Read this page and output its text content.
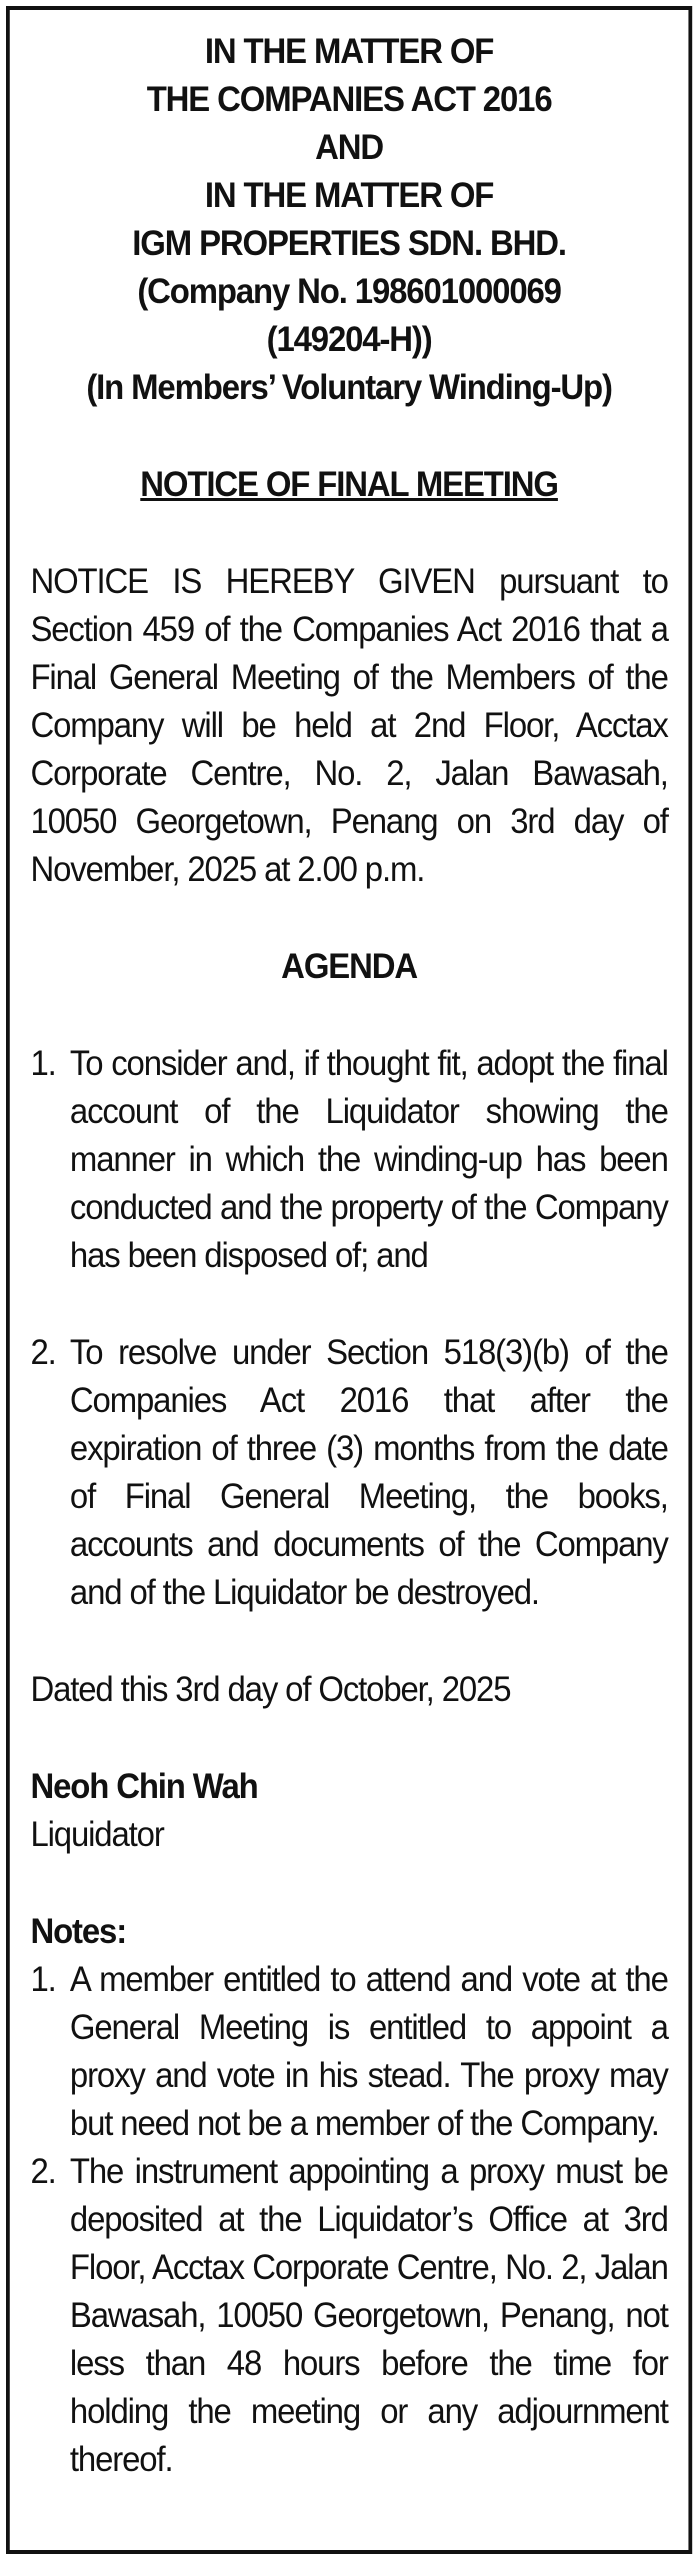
IN THE MATTER OF
THE COMPANIES ACT 2016
AND
IN THE MATTER OF
IGM PROPERTIES SDN. BHD.
(Company No. 198601000069
(149204-H))
(In Members’ Voluntary Winding-Up)
NOTICE OF FINAL MEETING
NOTICE IS HEREBY GIVEN pursuant to Section 459 of the Companies Act 2016 that a Final General Meeting of the Members of the Company will be held at 2nd Floor, Acctax Corporate Centre, No. 2, Jalan Bawasah, 10050 Georgetown, Penang on 3rd day of November, 2025 at 2.00 p.m.
AGENDA
1. To consider and, if thought fit, adopt the final account of the Liquidator showing the manner in which the winding-up has been conducted and the property of the Company has been disposed of; and
2. To resolve under Section 518(3)(b) of the Companies Act 2016 that after the expiration of three (3) months from the date of Final General Meeting, the books, accounts and documents of the Company and of the Liquidator be destroyed.
Dated this 3rd day of October, 2025
Neoh Chin Wah
Liquidator
Notes:
1. A member entitled to attend and vote at the General Meeting is entitled to appoint a proxy and vote in his stead. The proxy may but need not be a member of the Company.
2. The instrument appointing a proxy must be deposited at the Liquidator’s Office at 3rd Floor, Acctax Corporate Centre, No. 2, Jalan Bawasah, 10050 Georgetown, Penang, not less than 48 hours before the time for holding the meeting or any adjournment thereof.
